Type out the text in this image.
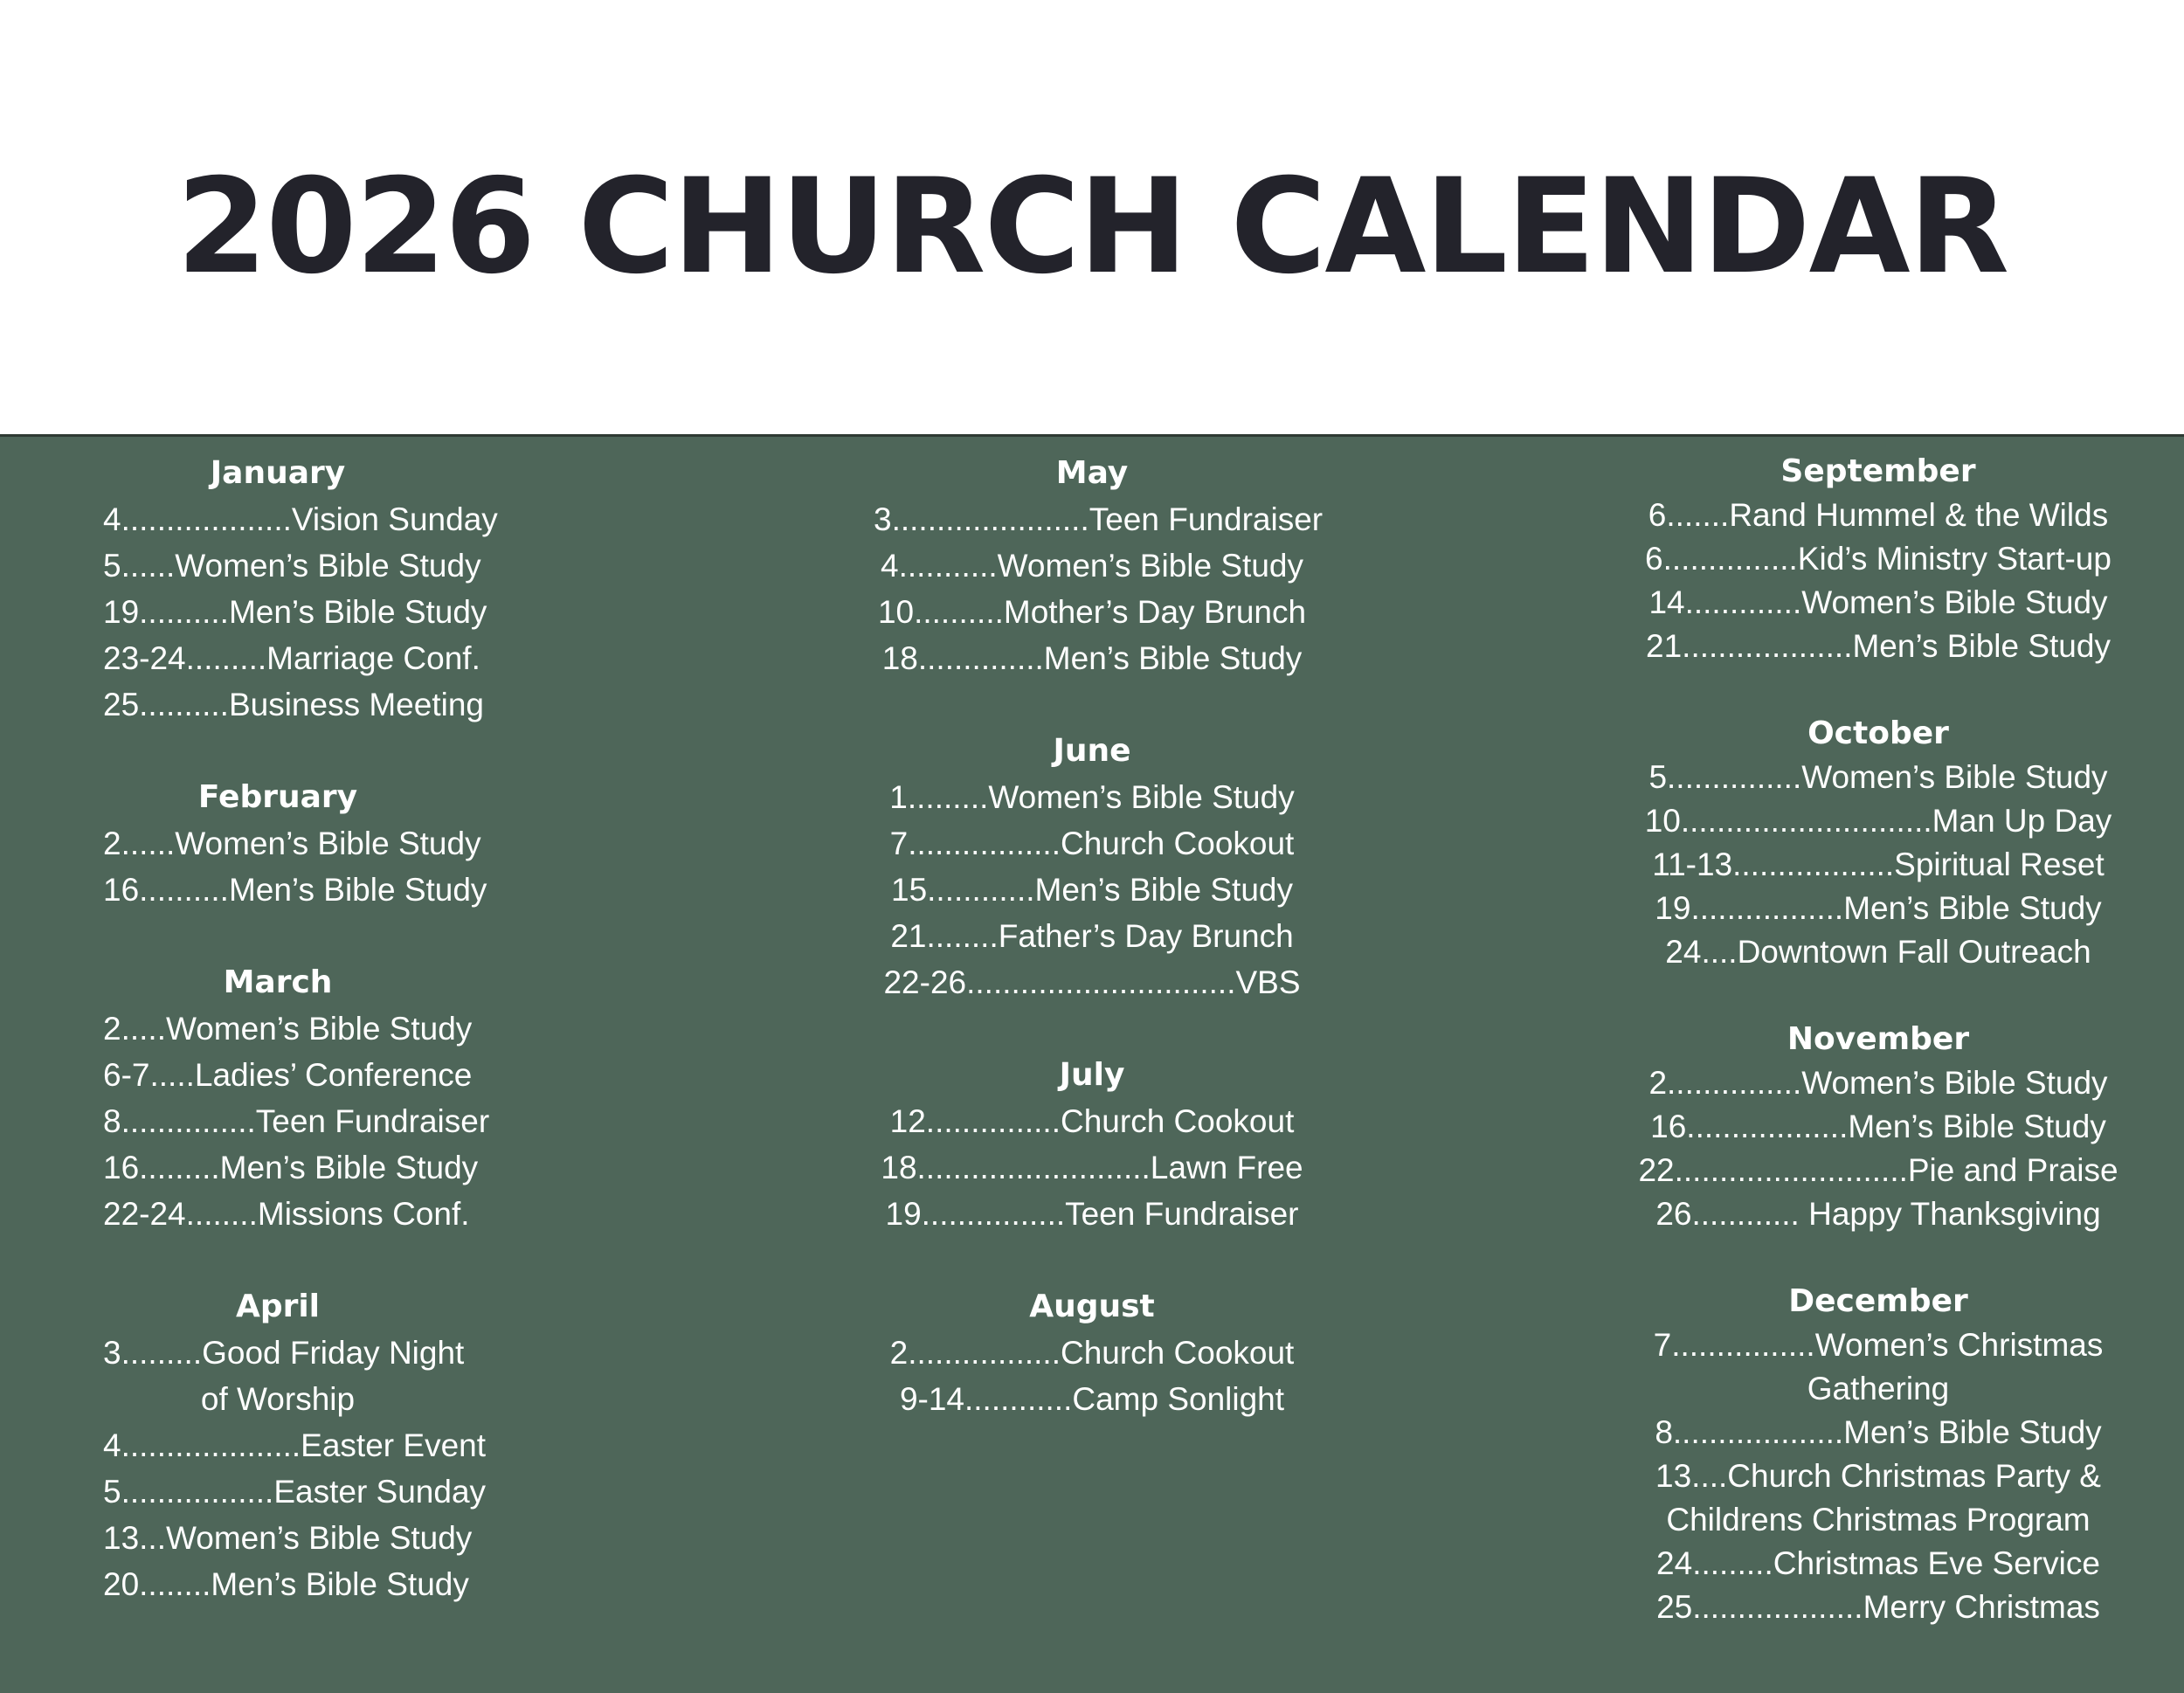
2026 CHURCH CALENDAR
January
4...................Vision Sunday
5......Women’s Bible Study
19..........Men’s Bible Study
23-24.........Marriage Conf.
25..........Business Meeting
February
2......Women’s Bible Study
16..........Men’s Bible Study
March
2.....Women’s Bible Study
6-7.....Ladies’ Conference
8...............Teen Fundraiser
16.........Men’s Bible Study
22-24........Missions Conf.
April
3.........Good Friday Night
of Worship
4....................Easter Event
5.................Easter Sunday
13...Women’s Bible Study
20........Men’s Bible Study
May
3......................Teen Fundraiser
4...........Women’s Bible Study
10..........Mother’s Day Brunch
18..............Men’s Bible Study
June
1.........Women’s Bible Study
7.................Church Cookout
15............Men’s Bible Study
21........Father’s Day Brunch
22-26..............................VBS
July
12...............Church Cookout
18..........................Lawn Free
19................Teen Fundraiser
August
2.................Church Cookout
9-14............Camp Sonlight
September
6.......Rand Hummel & the Wilds
6...............Kid’s Ministry Start-up
14.............Women’s Bible Study
21...................Men’s Bible Study
October
5...............Women’s Bible Study
10............................Man Up Day
11-13..................Spiritual Reset
19.................Men’s Bible Study
24....Downtown Fall Outreach
November
2...............Women’s Bible Study
16..................Men’s Bible Study
22..........................Pie and Praise
26............ Happy Thanksgiving
December
7................Women’s Christmas
Gathering
8...................Men’s Bible Study
13....Church Christmas Party &
Childrens Christmas Program
24.........Christmas Eve Service
25...................Merry Christmas
